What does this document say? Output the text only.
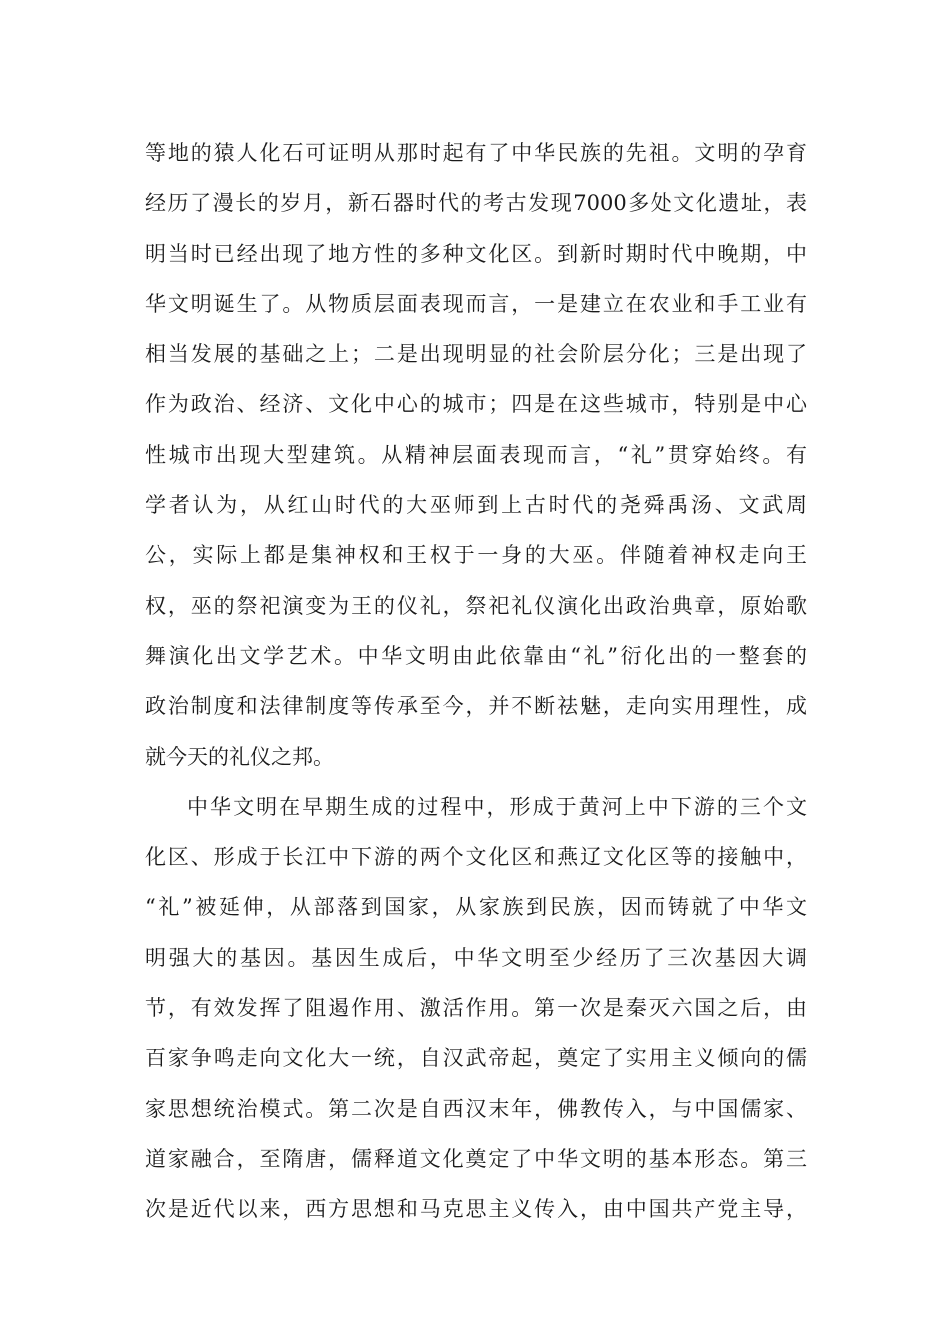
等地的猿人化石可证明从那时起有了中华民族的先祖。文明的孕育
经历了漫长的岁月，新石器时代的考古发现7000多处文化遗址，表
明当时已经出现了地方性的多种文化区。到新时期时代中晚期，中
华文明诞生了。从物质层面表现而言，一是建立在农业和手工业有
相当发展的基础之上；二是出现明显的社会阶层分化；三是出现了
作为政治、经济、文化中心的城市；四是在这些城市，特别是中心
性城市出现大型建筑。从精神层面表现而言，“礼”贯穿始终。有
学者认为，从红山时代的大巫师到上古时代的尧舜禹汤、文武周
公，实际上都是集神权和王权于一身的大巫。伴随着神权走向王
权，巫的祭祀演变为王的仪礼，祭祀礼仪演化出政治典章，原始歌
舞演化出文学艺术。中华文明由此依靠由“礼”衍化出的一整套的
政治制度和法律制度等传承至今，并不断祛魅，走向实用理性，成
就今天的礼仪之邦。
中华文明在早期生成的过程中，形成于黄河上中下游的三个文
化区、形成于长江中下游的两个文化区和燕辽文化区等的接触中，
“礼”被延伸，从部落到国家，从家族到民族，因而铸就了中华文
明强大的基因。基因生成后，中华文明至少经历了三次基因大调
节，有效发挥了阻遏作用、激活作用。第一次是秦灭六国之后，由
百家争鸣走向文化大一统，自汉武帝起，奠定了实用主义倾向的儒
家思想统治模式。第二次是自西汉末年，佛教传入，与中国儒家、
道家融合，至隋唐，儒释道文化奠定了中华文明的基本形态。第三
次是近代以来，西方思想和马克思主义传入，由中国共产党主导，
